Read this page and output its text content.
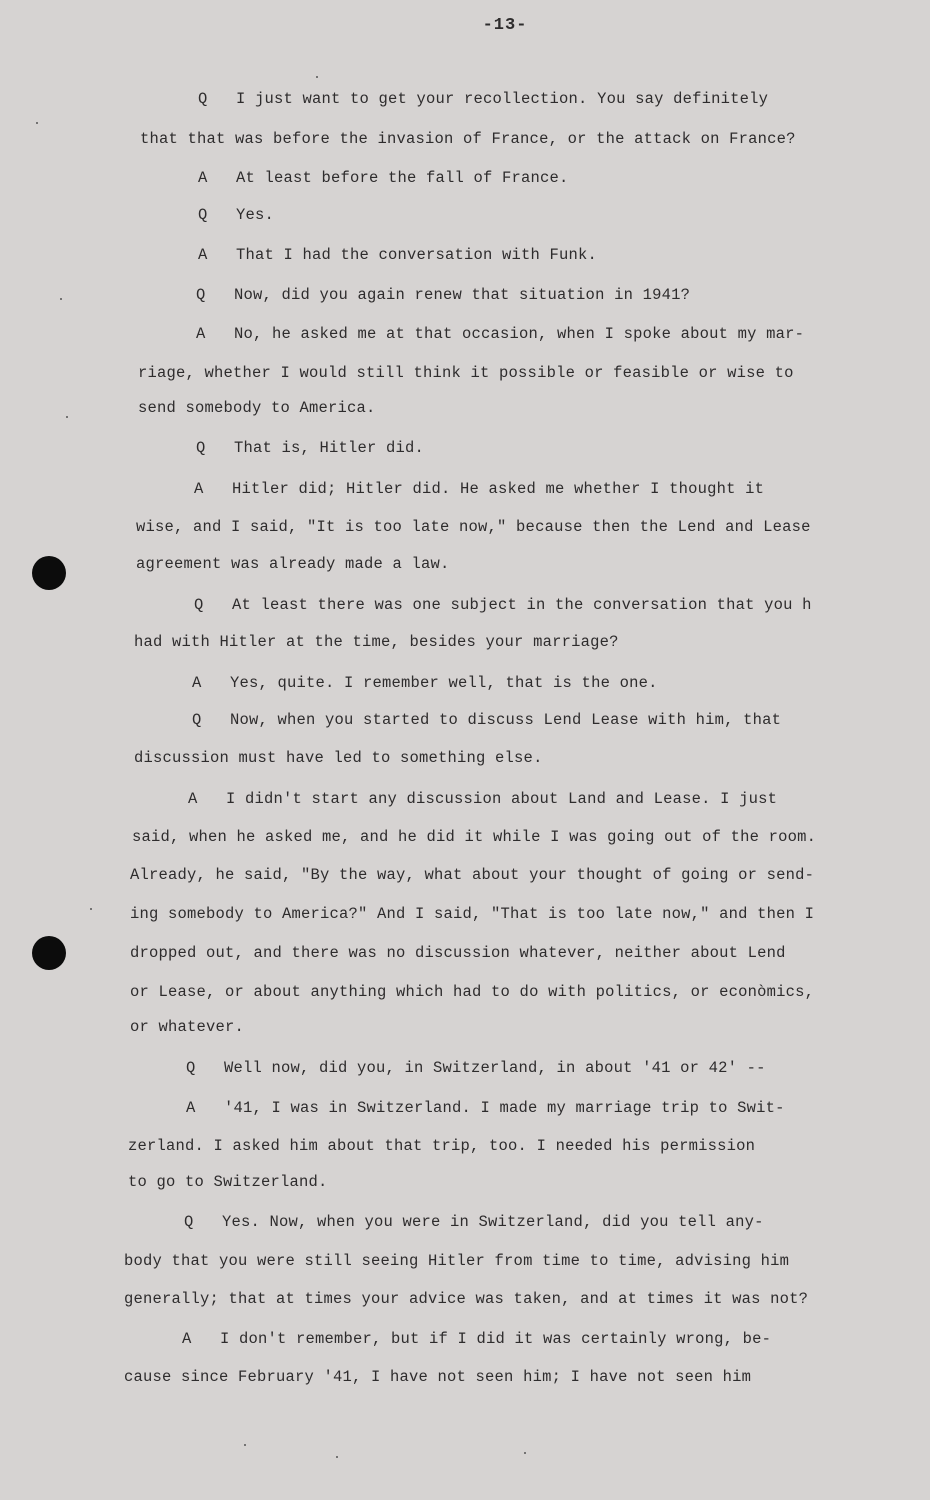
-13-
Q   I just want to get your recollection. You say definitely
that that was before the invasion of France, or the attack on France?
A   At least before the fall of France.
Q   Yes.
A   That I had the conversation with Funk.
Q   Now, did you again renew that situation in 1941?
A   No, he asked me at that occasion, when I spoke about my mar-
riage, whether I would still think it possible or feasible or wise to
send somebody to America.
Q   That is, Hitler did.
A   Hitler did; Hitler did. He asked me whether I thought it
wise, and I said, "It is too late now," because then the Lend and Lease
agreement was already made a law.
Q   At least there was one subject in the conversation that you h
had with Hitler at the time, besides your marriage?
A   Yes, quite. I remember well, that is the one.
Q   Now, when you started to discuss Lend Lease with him, that
discussion must have led to something else.
A   I didn't start any discussion about Land and Lease. I just
said, when he asked me, and he did it while I was going out of the room.
Already, he said, "By the way, what about your thought of going or send-
ing somebody to America?" And I said, "That is too late now," and then I
dropped out, and there was no discussion whatever, neither about Lend
or Lease, or about anything which had to do with politics, or econòmics,
or whatever.
Q   Well now, did you, in Switzerland, in about '41 or 42' --
A   '41, I was in Switzerland. I made my marriage trip to Swit-
zerland. I asked him about that trip, too. I needed his permission
to go to Switzerland.
Q   Yes. Now, when you were in Switzerland, did you tell any-
body that you were still seeing Hitler from time to time, advising him
generally; that at times your advice was taken, and at times it was not?
A   I don't remember, but if I did it was certainly wrong, be-
cause since February '41, I have not seen him; I have not seen him
